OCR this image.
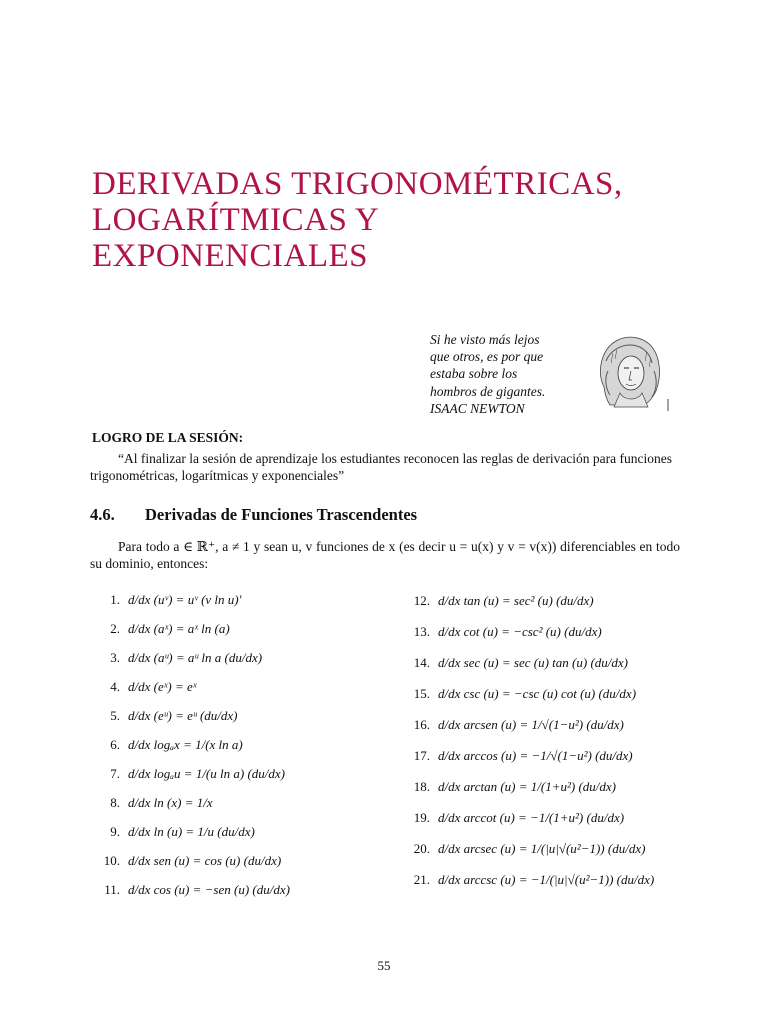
DERIVADAS TRIGONOMÉTRICAS,
LOGARÍTMICAS Y
EXPONENCIALES
Si he visto más lejos
que otros, es por que
estaba sobre los
hombros de gigantes.
ISAAC NEWTON
LOGRO DE LA SESIÓN:

“Al finalizar la sesión de aprendizaje los estudiantes reconocen las reglas de derivación para funciones trigonométricas, logarítmicas y exponenciales”

4.6. Derivadas de Funciones Trascendentes

Para todo a ∈ ℝ⁺, a ≠ 1 y sean u, v funciones de x (es decir u = u(x) y v = v(x)) diferenciables en todo su dominio, entonces:

1. d/dx (uᵛ) = uᵛ (v ln u)′
2. d/dx (aˣ) = aˣ ln (a)
3. d/dx (aᵘ) = aᵘ ln a (du/dx)
4. d/dx (eˣ) = eˣ
5. d/dx (eᵘ) = eᵘ (du/dx)
6. d/dx logₐx = 1/(x ln a)
7. d/dx logₐu = 1/(u ln a) (du/dx)
8. d/dx ln (x) = 1/x
9. d/dx ln (u) = 1/u (du/dx)
10. d/dx sen (u) = cos (u) (du/dx)
11. d/dx cos (u) = −sen (u) (du/dx)
12. d/dx tan (u) = sec² (u) (du/dx)
13. d/dx cot (u) = −csc² (u) (du/dx)
14. d/dx sec (u) = sec (u) tan (u) (du/dx)
15. d/dx csc (u) = −csc (u) cot (u) (du/dx)
16. d/dx arcsen (u) = 1/√(1−u²) (du/dx)
17. d/dx arccos (u) = −1/√(1−u²) (du/dx)
18. d/dx arctan (u) = 1/(1+u²) (du/dx)
19. d/dx arccot (u) = −1/(1+u²) (du/dx)
20. d/dx arcsec (u) = 1/(|u|√(u²−1)) (du/dx)
21. d/dx arccsc (u) = −1/(|u|√(u²−1)) (du/dx)
55
